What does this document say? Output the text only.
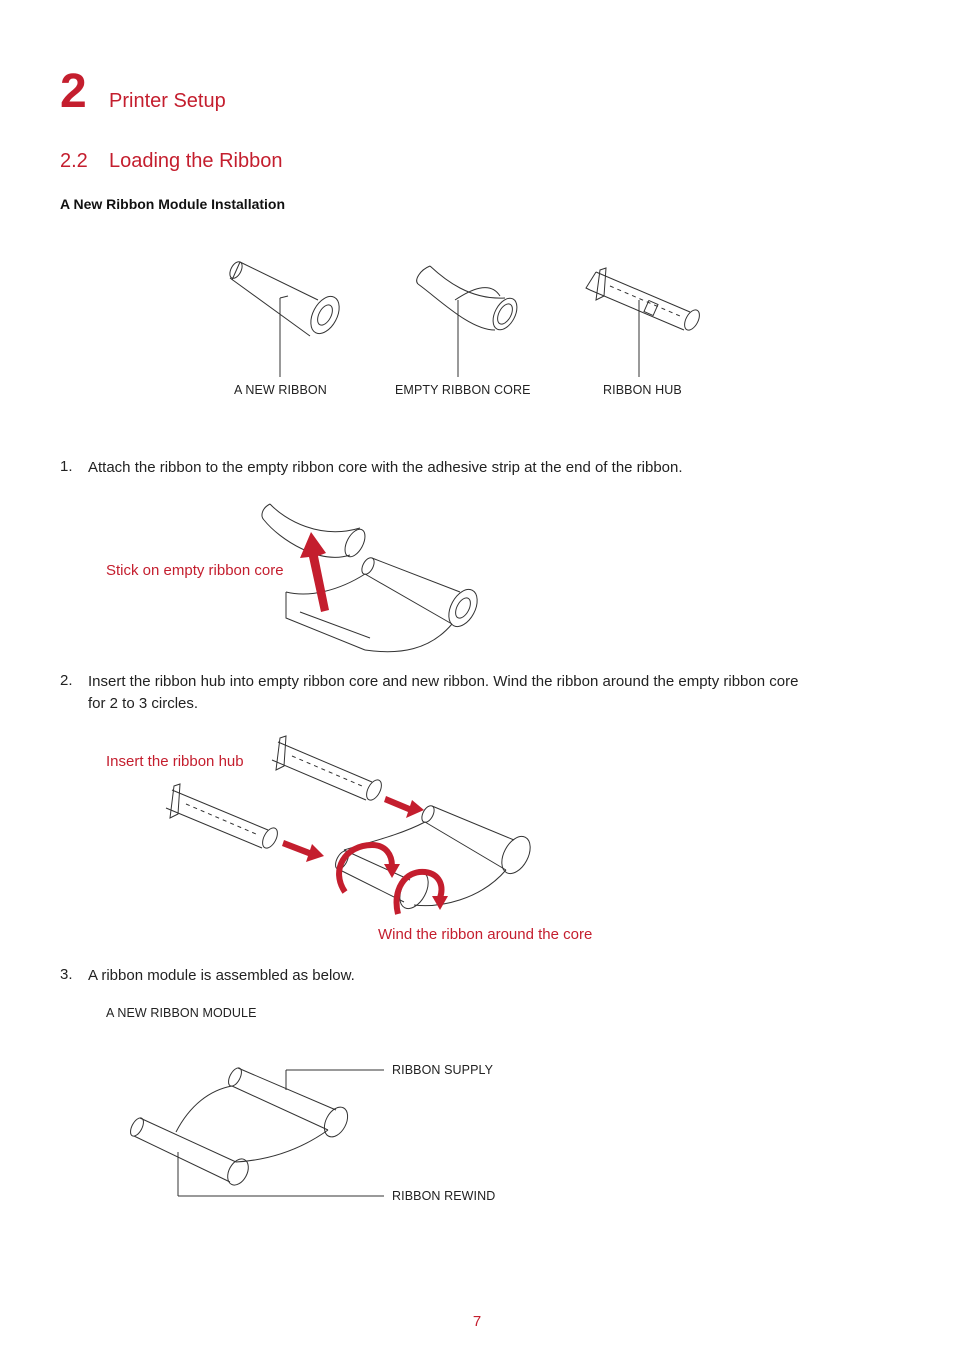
2 Printer Setup
2.2 Loading the Ribbon
A New Ribbon Module Installation
A NEW RIBBON	EMPTY RIBBON CORE	RIBBON HUB
1. Attach the ribbon to the empty ribbon core with the adhesive strip at the end of the ribbon.
Stick on empty ribbon core
2. Insert the ribbon hub into empty ribbon core and new ribbon. Wind the ribbon around the empty ribbon core
for 2 to 3 circles.
Insert the ribbon hub
Wind the ribbon around the core
3. A ribbon module is assembled as below.
A NEW RIBBON MODULE
RIBBON SUPPLY
RIBBON REWIND
7
